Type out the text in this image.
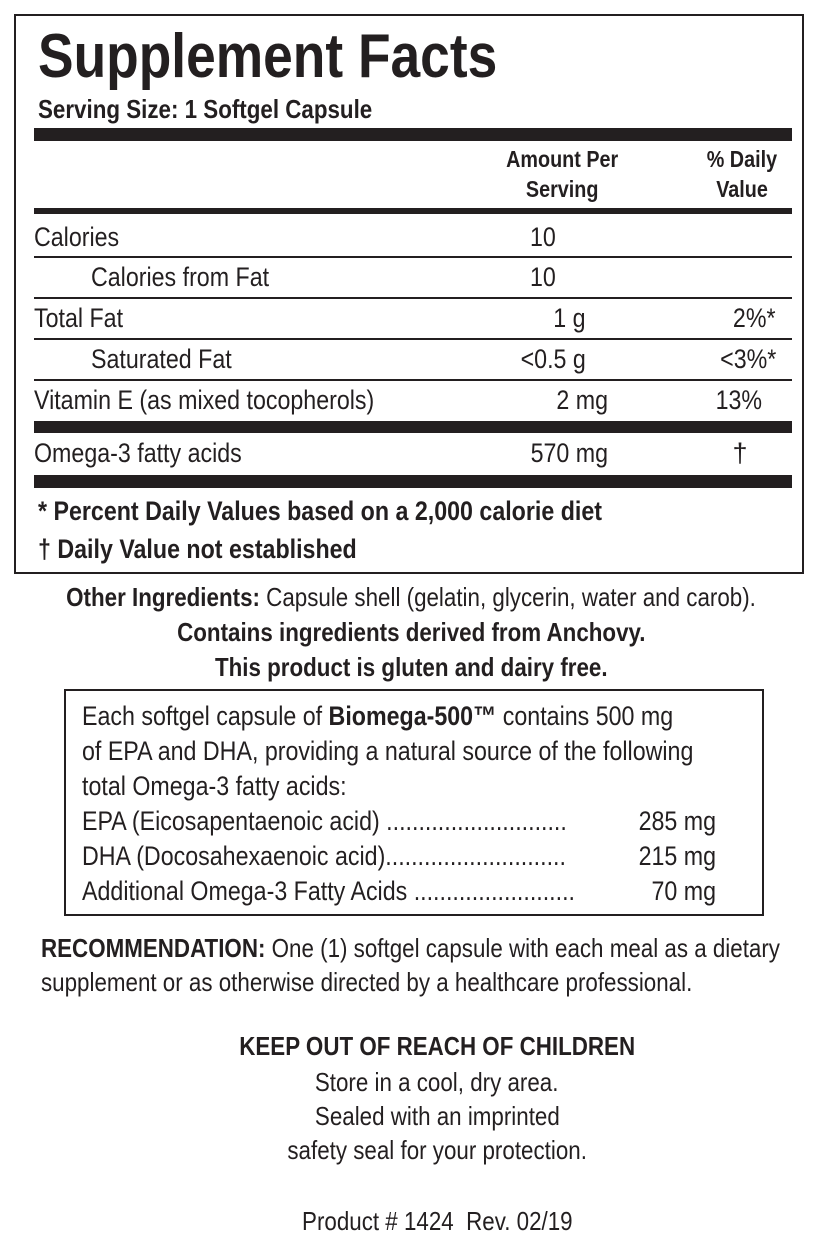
Supplement Facts
Serving Size: 1 Softgel Capsule
Amount Per
Serving
% Daily
Value
Calories	10
Calories from Fat	10
Total Fat	1 g	2%*
Saturated Fat	<0.5 g	<3%*
Vitamin E (as mixed tocopherols)	2 mg	13%
Omega-3 fatty acids	570 mg	†
* Percent Daily Values based on a 2,000 calorie diet
† Daily Value not established
Other Ingredients: Capsule shell (gelatin, glycerin, water and carob).
Contains ingredients derived from Anchovy.
This product is gluten and dairy free.
Each softgel capsule of Biomega-500™ contains 500 mg
of EPA and DHA, providing a natural source of the following
total Omega-3 fatty acids:
EPA (Eicosapentaenoic acid) ............................	285 mg
DHA (Docosahexaenoic acid)............................	215 mg
Additional Omega-3 Fatty Acids .........................	70 mg
RECOMMENDATION: One (1) softgel capsule with each meal as a dietary
supplement or as otherwise directed by a healthcare professional.
KEEP OUT OF REACH OF CHILDREN
Store in a cool, dry area.
Sealed with an imprinted
safety seal for your protection.
Product # 1424  Rev. 02/19
